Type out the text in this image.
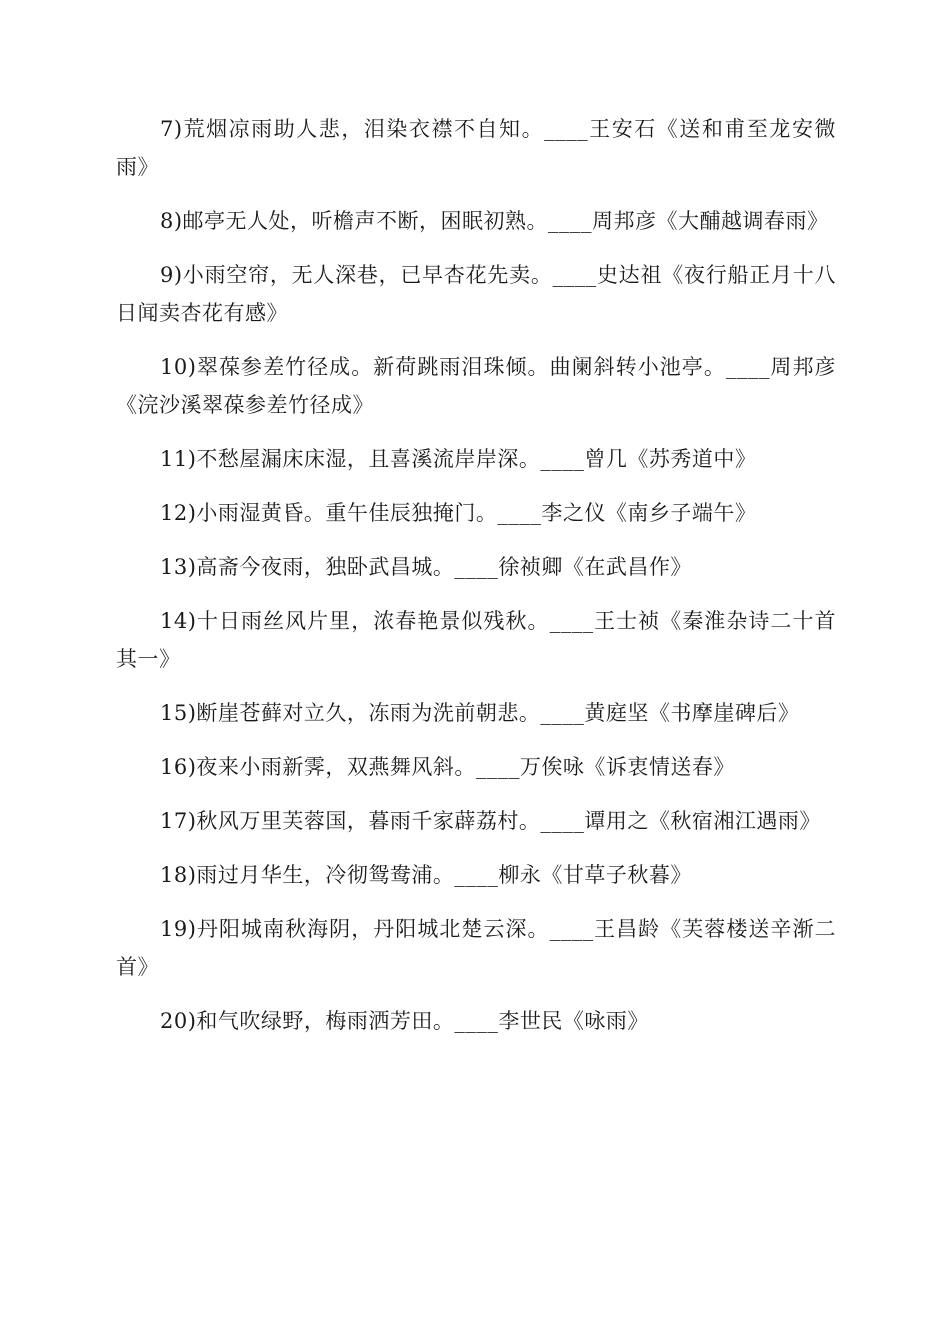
7)荒烟凉雨助人悲，泪染衣襟不自知。____王安石《送和甫至龙安微雨》

8)邮亭无人处，听檐声不断，困眠初熟。____周邦彦《大酺越调春雨》

9)小雨空帘，无人深巷，已早杏花先卖。____史达祖《夜行船正月十八日闻卖杏花有感》

10)翠葆参差竹径成。新荷跳雨泪珠倾。曲阑斜转小池亭。____周邦彦《浣沙溪翠葆参差竹径成》

11)不愁屋漏床床湿，且喜溪流岸岸深。____曾几《苏秀道中》

12)小雨湿黄昏。重午佳辰独掩门。____李之仪《南乡子端午》

13)高斋今夜雨，独卧武昌城。____徐祯卿《在武昌作》

14)十日雨丝风片里，浓春艳景似残秋。____王士祯《秦淮杂诗二十首其一》

15)断崖苍藓对立久，冻雨为洗前朝悲。____黄庭坚《书摩崖碑后》

16)夜来小雨新霁，双燕舞风斜。____万俟咏《诉衷情送春》

17)秋风万里芙蓉国，暮雨千家薜荔村。____谭用之《秋宿湘江遇雨》

18)雨过月华生，冷彻鸳鸯浦。____柳永《甘草子秋暮》

19)丹阳城南秋海阴，丹阳城北楚云深。____王昌龄《芙蓉楼送辛渐二首》

20)和气吹绿野，梅雨洒芳田。____李世民《咏雨》
